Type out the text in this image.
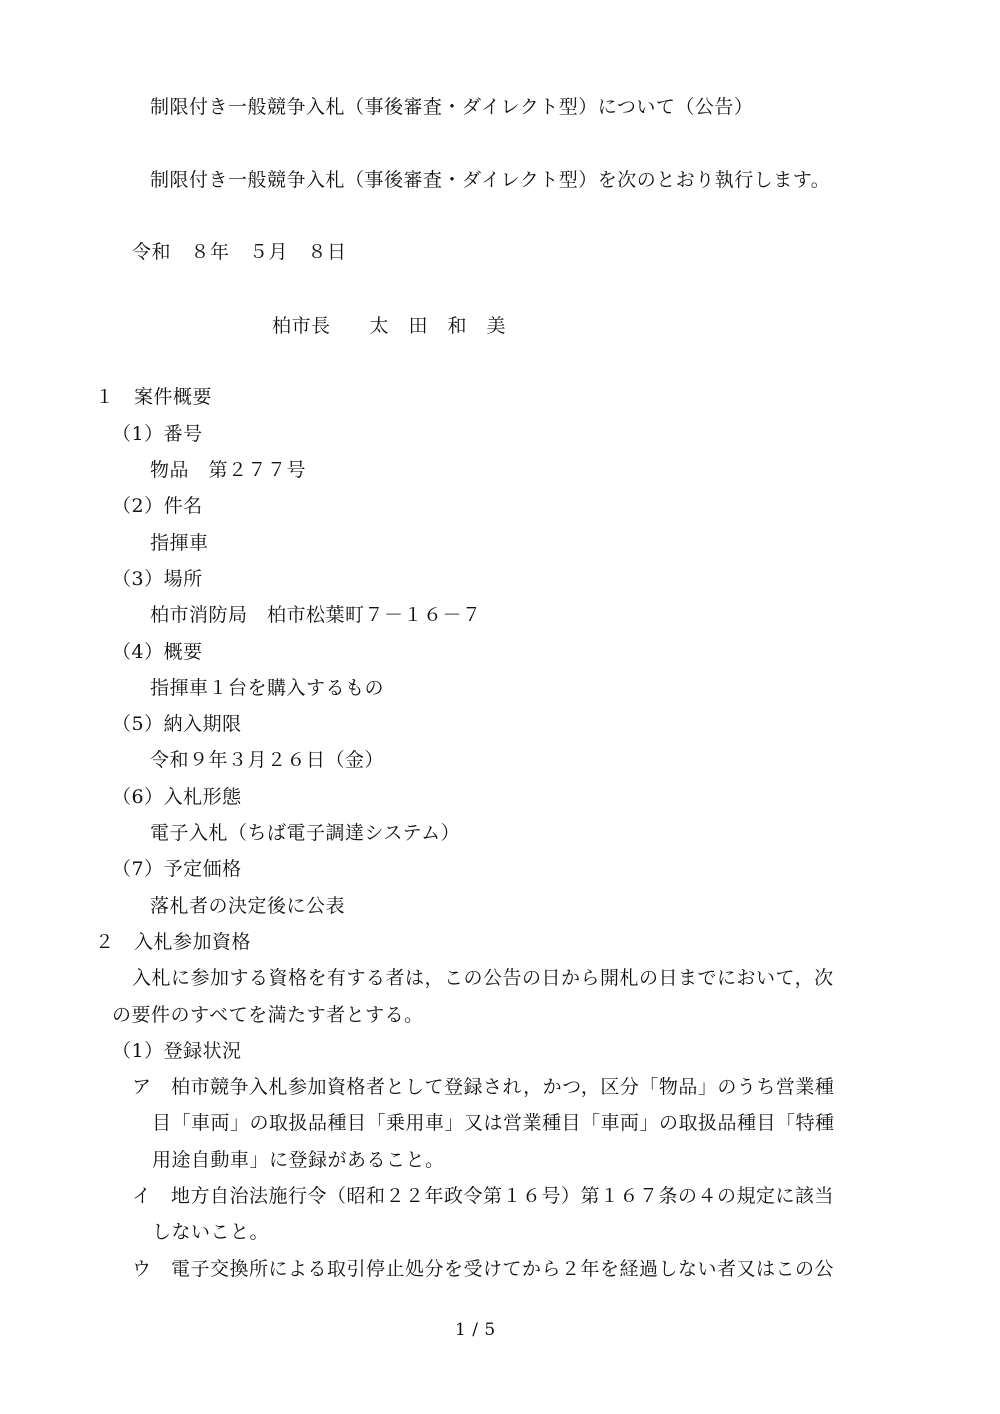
制限付き一般競争入札（事後審査・ダイレクト型）について（公告）
制限付き一般競争入札（事後審査・ダイレクト型）を次のとおり執行します。
令和　８年　５月　８日
柏市長　　太　田　和　美
１　案件概要
（1）番号
物品　第２７７号
（2）件名
指揮車
（3）場所
柏市消防局　柏市松葉町７－１６－７
（4）概要
指揮車１台を購入するもの
（5）納入期限
令和９年３月２６日（金）
（6）入札形態
電子入札（ちば電子調達システム）
（7）予定価格
落札者の決定後に公表
２　入札参加資格
入札に参加する資格を有する者は，この公告の日から開札の日までにおいて，次
の要件のすべてを満たす者とする。
（1）登録状況
ア　柏市競争入札参加資格者として登録され，かつ，区分「物品」のうち営業種
目「車両」の取扱品種目「乗用車」又は営業種目「車両」の取扱品種目「特種
用途自動車」に登録があること。
イ　地方自治法施行令（昭和２２年政令第１６号）第１６７条の４の規定に該当
しないこと。
ウ　電子交換所による取引停止処分を受けてから２年を経過しない者又はこの公
1 / 5
